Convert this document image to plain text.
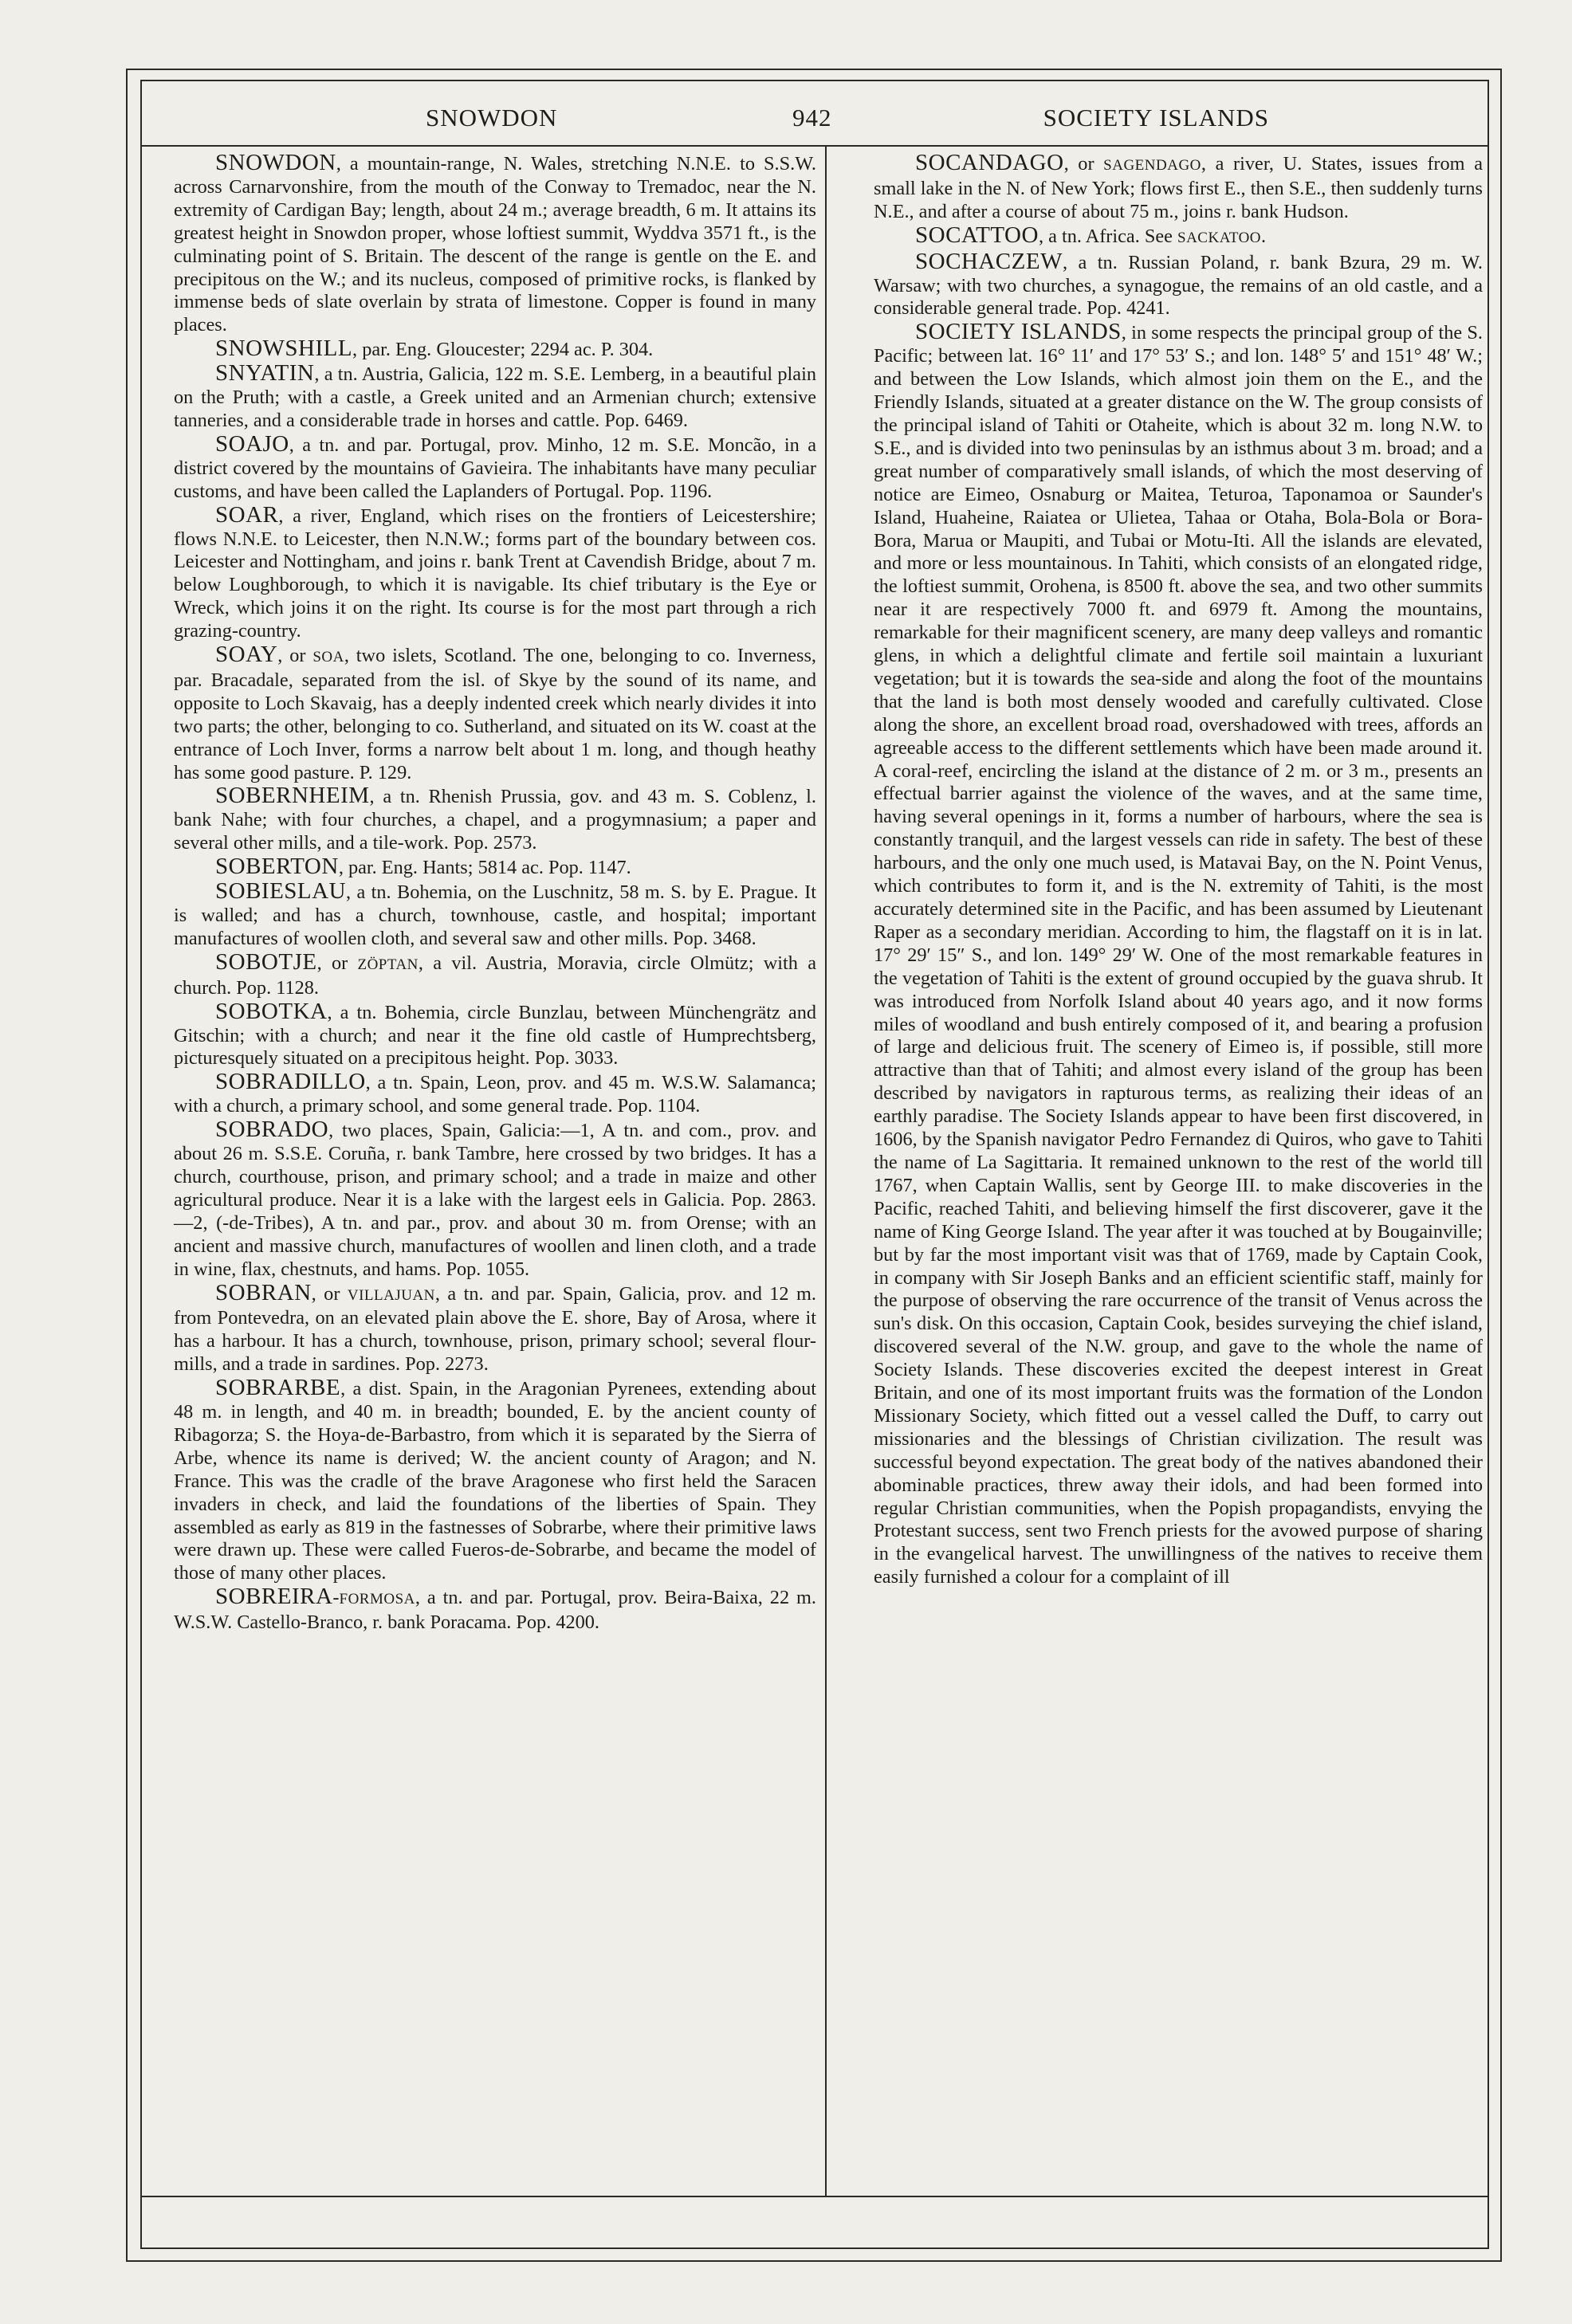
SNOWDON	942	SOCIETY ISLANDS

SNOWDON, a mountain-range, N. Wales, stretching N.N.E. to S.S.W. across Carnarvonshire, from the mouth of the Conway to Tremadoc, near the N. extremity of Cardigan Bay; length, about 24 m.; average breadth, 6 m. It attains its greatest height in Snowdon proper, whose loftiest summit, Wyddva 3571 ft., is the culminating point of S. Britain. The descent of the range is gentle on the E. and precipitous on the W.; and its nucleus, composed of primitive rocks, is flanked by immense beds of slate overlain by strata of limestone. Copper is found in many places.

SNOWSHILL, par. Eng. Gloucester; 2294 ac. P. 304.

SNYATIN, a tn. Austria, Galicia, 122 m. S.E. Lemberg, in a beautiful plain on the Pruth; with a castle, a Greek united and an Armenian church; extensive tanneries, and a considerable trade in horses and cattle. Pop. 6469.

SOAJO, a tn. and par. Portugal, prov. Minho, 12 m. S.E. Moncão, in a district covered by the mountains of Gavieira. The inhabitants have many peculiar customs, and have been called the Laplanders of Portugal. Pop. 1196.

SOAR, a river, England, which rises on the frontiers of Leicestershire; flows N.N.E. to Leicester, then N.N.W.; forms part of the boundary between cos. Leicester and Nottingham, and joins r. bank Trent at Cavendish Bridge, about 7 m. below Loughborough, to which it is navigable. Its chief tributary is the Eye or Wreck, which joins it on the right. Its course is for the most part through a rich grazing-country.

SOAY, or SOA, two islets, Scotland. The one, belonging to co. Inverness, par. Bracadale, separated from the isl. of Skye by the sound of its name, and opposite to Loch Skavaig, has a deeply indented creek which nearly divides it into two parts; the other, belonging to co. Sutherland, and situated on its W. coast at the entrance of Loch Inver, forms a narrow belt about 1 m. long, and though heathy has some good pasture. P. 129.

SOBERNHEIM, a tn. Rhenish Prussia, gov. and 43 m. S. Coblenz, l. bank Nahe; with four churches, a chapel, and a progymnasium; a paper and several other mills, and a tile-work. Pop. 2573.

SOBERTON, par. Eng. Hants; 5814 ac. Pop. 1147.

SOBIESLAU, a tn. Bohemia, on the Luschnitz, 58 m. S. by E. Prague. It is walled; and has a church, townhouse, castle, and hospital; important manufactures of woollen cloth, and several saw and other mills. Pop. 3468.

SOBOTJE, or ZÖPTAN, a vil. Austria, Moravia, circle Olmütz; with a church. Pop. 1128.

SOBOTKA, a tn. Bohemia, circle Bunzlau, between Münchengrätz and Gitschin; with a church; and near it the fine old castle of Humprechtsberg, picturesquely situated on a precipitous height. Pop. 3033.

SOBRADILLO, a tn. Spain, Leon, prov. and 45 m. W.S.W. Salamanca; with a church, a primary school, and some general trade. Pop. 1104.

SOBRADO, two places, Spain, Galicia:—1, A tn. and com., prov. and about 26 m. S.S.E. Coruña, r. bank Tambre, here crossed by two bridges. It has a church, courthouse, prison, and primary school; and a trade in maize and other agricultural produce. Near it is a lake with the largest eels in Galicia. Pop. 2863. —2, (-de-Tribes), A tn. and par., prov. and about 30 m. from Orense; with an ancient and massive church, manufactures of woollen and linen cloth, and a trade in wine, flax, chestnuts, and hams. Pop. 1055.

SOBRAN, or VILLAJUAN, a tn. and par. Spain, Galicia, prov. and 12 m. from Pontevedra, on an elevated plain above the E. shore, Bay of Arosa, where it has a harbour. It has a church, townhouse, prison, primary school; several flour-mills, and a trade in sardines. Pop. 2273.

SOBRARBE, a dist. Spain, in the Aragonian Pyrenees, extending about 48 m. in length, and 40 m. in breadth; bounded, E. by the ancient county of Ribagorza; S. the Hoya-de-Barbastro, from which it is separated by the Sierra of Arbe, whence its name is derived; W. the ancient county of Aragon; and N. France. This was the cradle of the brave Aragonese who first held the Saracen invaders in check, and laid the foundations of the liberties of Spain. They assembled as early as 819 in the fastnesses of Sobrarbe, where their primitive laws were drawn up. These were called Fueros-de-Sobrarbe, and became the model of those of many other places.

SOBREIRA-FORMOSA, a tn. and par. Portugal, prov. Beira-Baixa, 22 m. W.S.W. Castello-Branco, r. bank Poracama. Pop. 4200.

SOCANDAGO, or SAGENDAGO, a river, U. States, issues from a small lake in the N. of New York; flows first E., then S.E., then suddenly turns N.E., and after a course of about 75 m., joins r. bank Hudson.

SOCATTOO, a tn. Africa. See SACKATOO.

SOCHACZEW, a tn. Russian Poland, r. bank Bzura, 29 m. W. Warsaw; with two churches, a synagogue, the remains of an old castle, and a considerable general trade. Pop. 4241.

SOCIETY ISLANDS, in some respects the principal group of the S. Pacific; between lat. 16° 11′ and 17° 53′ S.; and lon. 148° 5′ and 151° 48′ W.; and between the Low Islands, which almost join them on the E., and the Friendly Islands, situated at a greater distance on the W. The group consists of the principal island of Tahiti or Otaheite, which is about 32 m. long N.W. to S.E., and is divided into two peninsulas by an isthmus about 3 m. broad; and a great number of comparatively small islands, of which the most deserving of notice are Eimeo, Osnaburg or Maitea, Teturoa, Taponamoa or Saunder's Island, Huaheine, Raiatea or Ulietea, Tahaa or Otaha, Bola-Bola or Bora-Bora, Marua or Maupiti, and Tubai or Motu-Iti. All the islands are elevated, and more or less mountainous. In Tahiti, which consists of an elongated ridge, the loftiest summit, Orohena, is 8500 ft. above the sea, and two other summits near it are respectively 7000 ft. and 6979 ft. Among the mountains, remarkable for their magnificent scenery, are many deep valleys and romantic glens, in which a delightful climate and fertile soil maintain a luxuriant vegetation; but it is towards the sea-side and along the foot of the mountains that the land is both most densely wooded and carefully cultivated. Close along the shore, an excellent broad road, overshadowed with trees, affords an agreeable access to the different settlements which have been made around it. A coral-reef, encircling the island at the distance of 2 m. or 3 m., presents an effectual barrier against the violence of the waves, and at the same time, having several openings in it, forms a number of harbours, where the sea is constantly tranquil, and the largest vessels can ride in safety. The best of these harbours, and the only one much used, is Matavai Bay, on the N. Point Venus, which contributes to form it, and is the N. extremity of Tahiti, is the most accurately determined site in the Pacific, and has been assumed by Lieutenant Raper as a secondary meridian. According to him, the flagstaff on it is in lat. 17° 29′ 15″ S., and lon. 149° 29′ W. One of the most remarkable features in the vegetation of Tahiti is the extent of ground occupied by the guava shrub. It was introduced from Norfolk Island about 40 years ago, and it now forms miles of woodland and bush entirely composed of it, and bearing a profusion of large and delicious fruit. The scenery of Eimeo is, if possible, still more attractive than that of Tahiti; and almost every island of the group has been described by navigators in rapturous terms, as realizing their ideas of an earthly paradise. The Society Islands appear to have been first discovered, in 1606, by the Spanish navigator Pedro Fernandez di Quiros, who gave to Tahiti the name of La Sagittaria. It remained unknown to the rest of the world till 1767, when Captain Wallis, sent by George III. to make discoveries in the Pacific, reached Tahiti, and believing himself the first discoverer, gave it the name of King George Island. The year after it was touched at by Bougainville; but by far the most important visit was that of 1769, made by Captain Cook, in company with Sir Joseph Banks and an efficient scientific staff, mainly for the purpose of observing the rare occurrence of the transit of Venus across the sun's disk. On this occasion, Captain Cook, besides surveying the chief island, discovered several of the N.W. group, and gave to the whole the name of Society Islands. These discoveries excited the deepest interest in Great Britain, and one of its most important fruits was the formation of the London Missionary Society, which fitted out a vessel called the Duff, to carry out missionaries and the blessings of Christian civilization. The result was successful beyond expectation. The great body of the natives abandoned their abominable practices, threw away their idols, and had been formed into regular Christian communities, when the Popish propagandists, envying the Protestant success, sent two French priests for the avowed purpose of sharing in the evangelical harvest. The unwillingness of the natives to receive them easily furnished a colour for a complaint of ill
